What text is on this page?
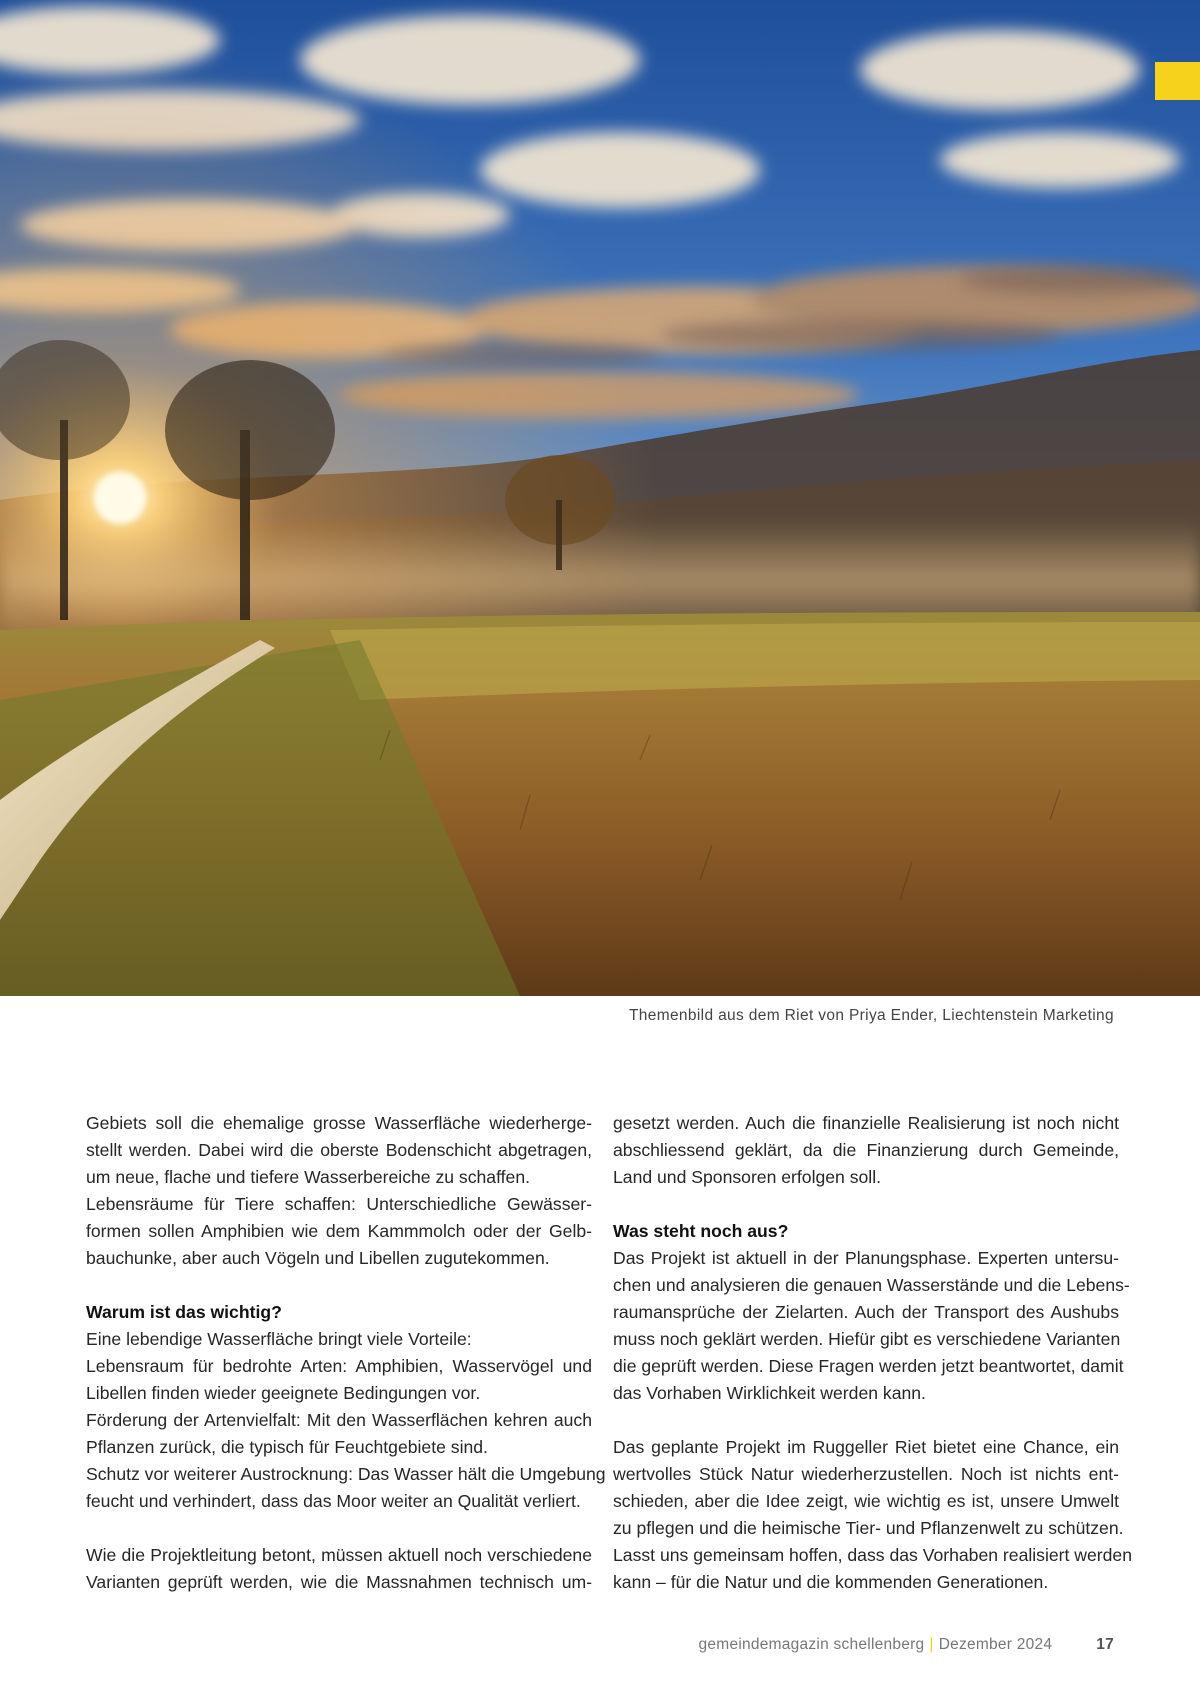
Themenbild aus dem Riet von Priya Ender, Liechtenstein Marketing

Gebiets soll die ehemalige grosse Wasserfläche wiederherge-
stellt werden. Dabei wird die oberste Bodenschicht abgetragen,
um neue, flache und tiefere Wasserbereiche zu schaffen.
Lebensräume für Tiere schaffen: Unterschiedliche Gewässer-
formen sollen Amphibien wie dem Kammmolch oder der Gelb-
bauchunke, aber auch Vögeln und Libellen zugutekommen.

Warum ist das wichtig?

Eine lebendige Wasserfläche bringt viele Vorteile:
Lebensraum für bedrohte Arten: Amphibien, Wasservögel und
Libellen finden wieder geeignete Bedingungen vor.
Förderung der Artenvielfalt: Mit den Wasserflächen kehren auch
Pflanzen zurück, die typisch für Feuchtgebiete sind.
Schutz vor weiterer Austrocknung: Das Wasser hält die Umgebung
feucht und verhindert, dass das Moor weiter an Qualität verliert.

Wie die Projektleitung betont, müssen aktuell noch verschiedene
Varianten geprüft werden, wie die Massnahmen technisch um-

gesetzt werden. Auch die finanzielle Realisierung ist noch nicht
abschliessend geklärt, da die Finanzierung durch Gemeinde,
Land und Sponsoren erfolgen soll.

Was steht noch aus?

Das Projekt ist aktuell in der Planungsphase. Experten untersu-
chen und analysieren die genauen Wasserstände und die Lebens-
raumansprüche der Zielarten. Auch der Transport des Aushubs
muss noch geklärt werden. Hiefür gibt es verschiedene Varianten
die geprüft werden. Diese Fragen werden jetzt beantwortet, damit
das Vorhaben Wirklichkeit werden kann.

Das geplante Projekt im Ruggeller Riet bietet eine Chance, ein
wertvolles Stück Natur wiederherzustellen. Noch ist nichts ent-
schieden, aber die Idee zeigt, wie wichtig es ist, unsere Umwelt
zu pflegen und die heimische Tier- und Pflanzenwelt zu schützen.
Lasst uns gemeinsam hoffen, dass das Vorhaben realisiert werden
kann – für die Natur und die kommenden Generationen.

gemeindemagazin schellenberg | Dezember 2024	17
